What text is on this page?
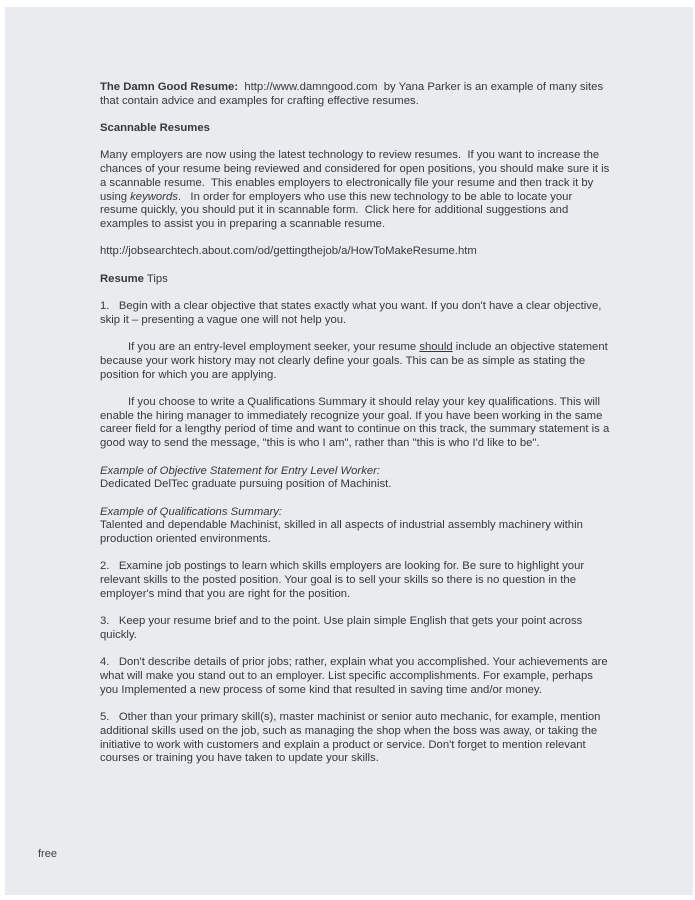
The Damn Good Resume:  http://www.damngood.com  by Yana Parker is an example of many sites that contain advice and examples for crafting effective resumes.

Scannable Resumes

Many employers are now using the latest technology to review resumes.  If you want to increase the chances of your resume being reviewed and considered for open positions, you should make sure it is a scannable resume.  This enables employers to electronically file your resume and then track it by using keywords.   In order for employers who use this new technology to be able to locate your resume quickly, you should put it in scannable form.  Click here for additional suggestions and examples to assist you in preparing a scannable resume.

http://jobsearchtech.about.com/od/gettingthejob/a/HowToMakeResume.htm

Resume Tips

1.   Begin with a clear objective that states exactly what you want. If you don't have a clear objective, skip it – presenting a vague one will not help you.

If you are an entry-level employment seeker, your resume should include an objective statement because your work history may not clearly define your goals. This can be as simple as stating the position for which you are applying.

If you choose to write a Qualifications Summary it should relay your key qualifications. This will enable the hiring manager to immediately recognize your goal. If you have been working in the same career field for a lengthy period of time and want to continue on this track, the summary statement is a good way to send the message, "this is who I am", rather than "this is who I'd like to be".

Example of Objective Statement for Entry Level Worker:
Dedicated DelTec graduate pursuing position of Machinist.

Example of Qualifications Summary:
Talented and dependable Machinist, skilled in all aspects of industrial assembly machinery within production oriented environments.

2.   Examine job postings to learn which skills employers are looking for. Be sure to highlight your relevant skills to the posted position. Your goal is to sell your skills so there is no question in the employer's mind that you are right for the position.

3.   Keep your resume brief and to the point. Use plain simple English that gets your point across quickly.

4.   Don't describe details of prior jobs; rather, explain what you accomplished. Your achievements are what will make you stand out to an employer. List specific accomplishments. For example, perhaps you Implemented a new process of some kind that resulted in saving time and/or money.

5.   Other than your primary skill(s), master machinist or senior auto mechanic, for example, mention additional skills used on the job, such as managing the shop when the boss was away, or taking the initiative to work with customers and explain a product or service. Don't forget to mention relevant courses or training you have taken to update your skills.

free
